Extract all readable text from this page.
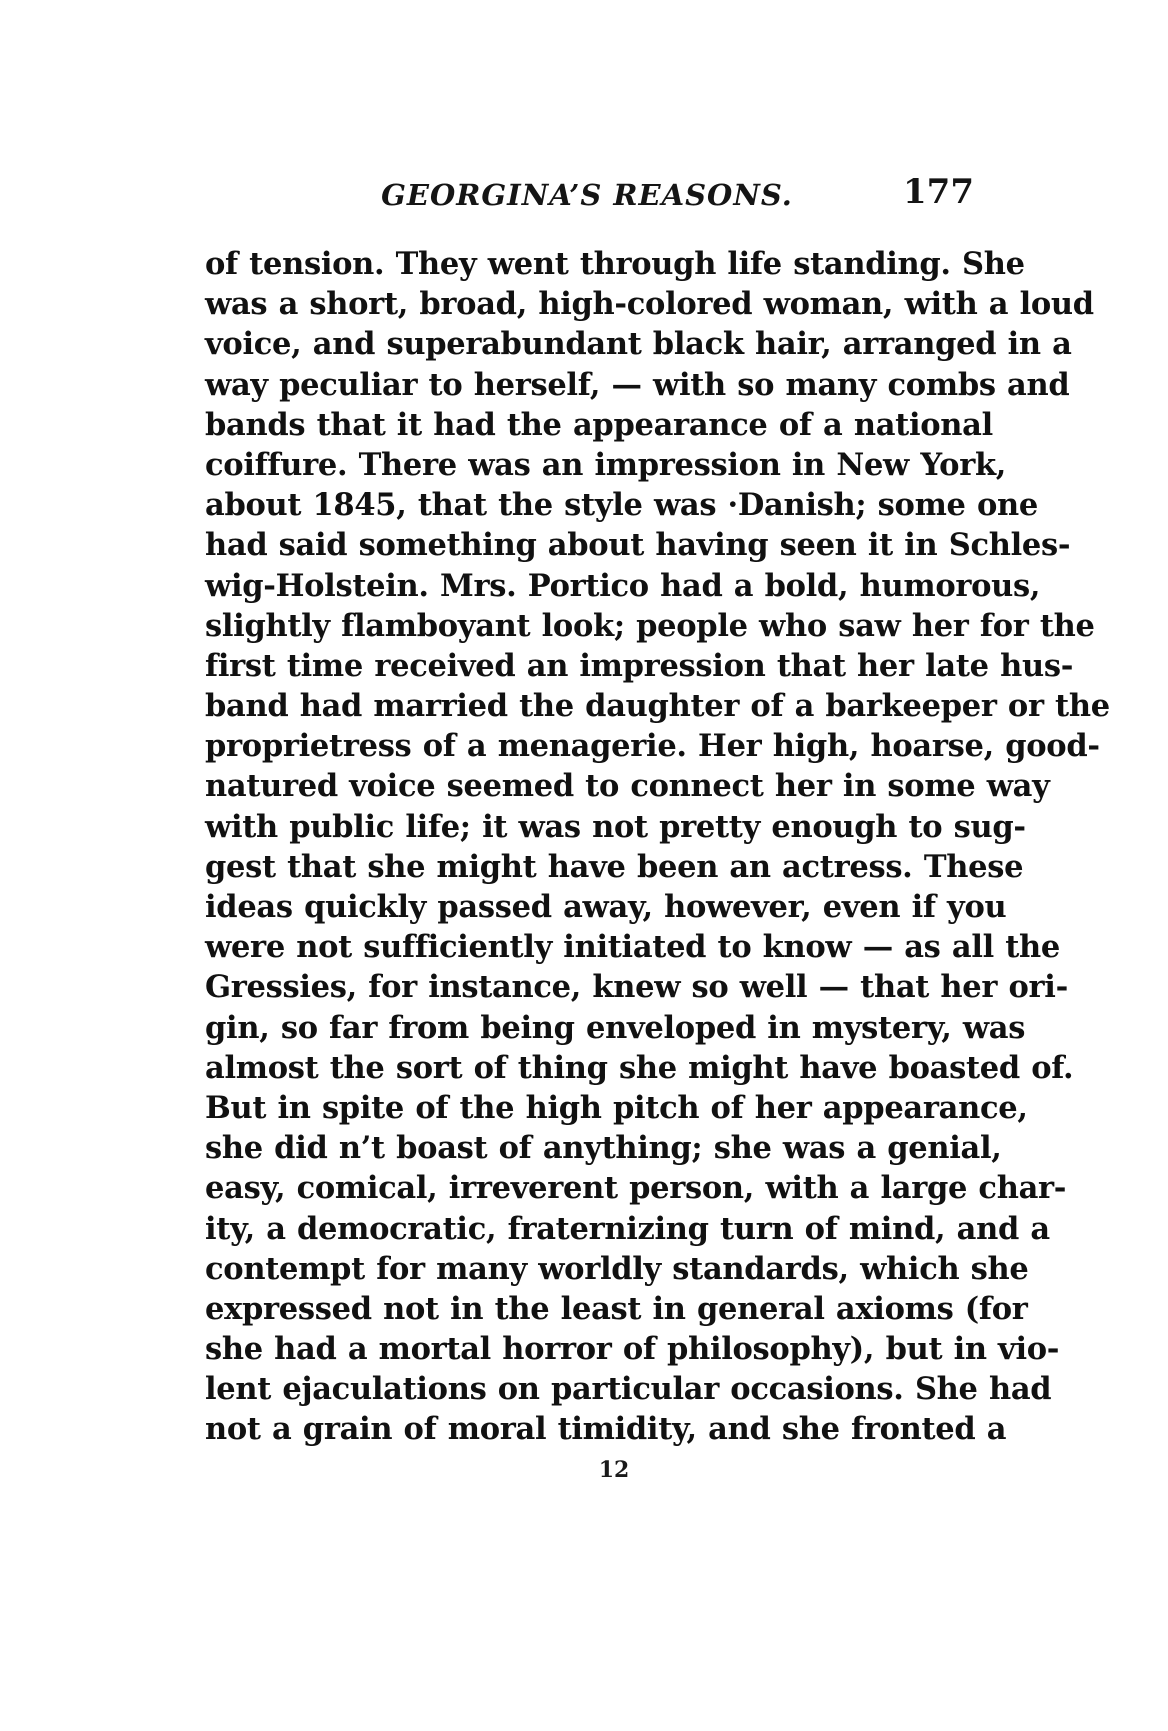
GEORGINA’S REASONS.	177
of tension. They went through life standing. She
was a short, broad, high-colored woman, with a loud
voice, and superabundant black hair, arranged in a
way peculiar to herself, — with so many combs and
bands that it had the appearance of a national
coiffure. There was an impression in New York,
about 1845, that the style was ·Danish; some one
had said something about having seen it in Schles-
wig-Holstein. Mrs. Portico had a bold, humorous,
slightly flamboyant look; people who saw her for the
first time received an impression that her late hus-
band had married the daughter of a barkeeper or the
proprietress of a menagerie. Her high, hoarse, good-
natured voice seemed to connect her in some way
with public life; it was not pretty enough to sug-
gest that she might have been an actress. These
ideas quickly passed away, however, even if you
were not sufficiently initiated to know — as all the
Gressies, for instance, knew so well — that her ori-
gin, so far from being enveloped in mystery, was
almost the sort of thing she might have boasted of.
But in spite of the high pitch of her appearance,
she did n’t boast of anything; she was a genial,
easy, comical, irreverent person, with a large char-
ity, a democratic, fraternizing turn of mind, and a
contempt for many worldly standards, which she
expressed not in the least in general axioms (for
she had a mortal horror of philosophy), but in vio-
lent ejaculations on particular occasions. She had
not a grain of moral timidity, and she fronted a
12
